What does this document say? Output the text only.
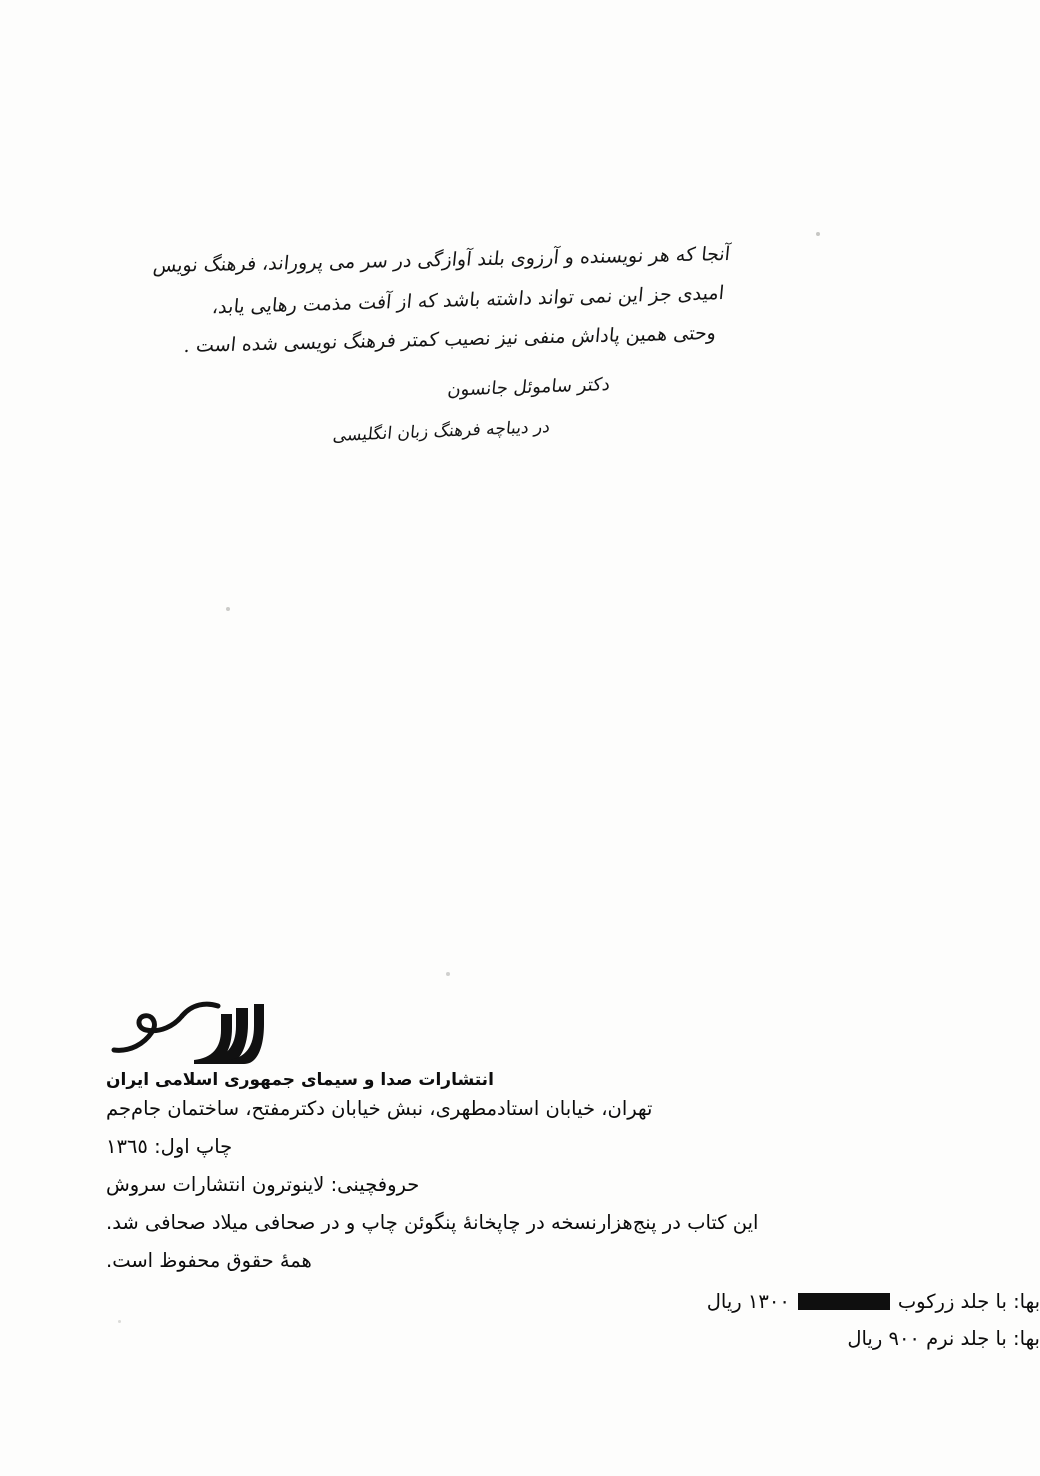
آنجا که هر نویسنده و آرزوی بلند آوازگی در سر می پروراند، فرهنگ نویس
امیدی جز این نمی تواند داشته باشد که از آفت مذمت رهایی یابد،
وحتی همین پاداش منفی نیز نصیب کمتر فرهنگ نویسی شده است .
دکتر ساموئل جانسون
در دیباچه فرهنگ زبان انگلیسی
انتشارات صدا و سیمای جمهوری اسلامی ایران
تهران، خیابان استادمطهری، نبش خیابان دکترمفتح، ساختمان جام‌جم
چاپ اول: ۱۳٦٥
حروفچینی: لاینوترون انتشارات سروش
این کتاب در پنج‌هزارنسخه در چاپخانهٔ پنگوئن چاپ و در صحافی میلاد صحافی شد.
همهٔ حقوق محفوظ است.
بها: با جلد زرکوب
۱۳۰۰ ریال
بها: با جلد نرم ۹۰۰ ریال
